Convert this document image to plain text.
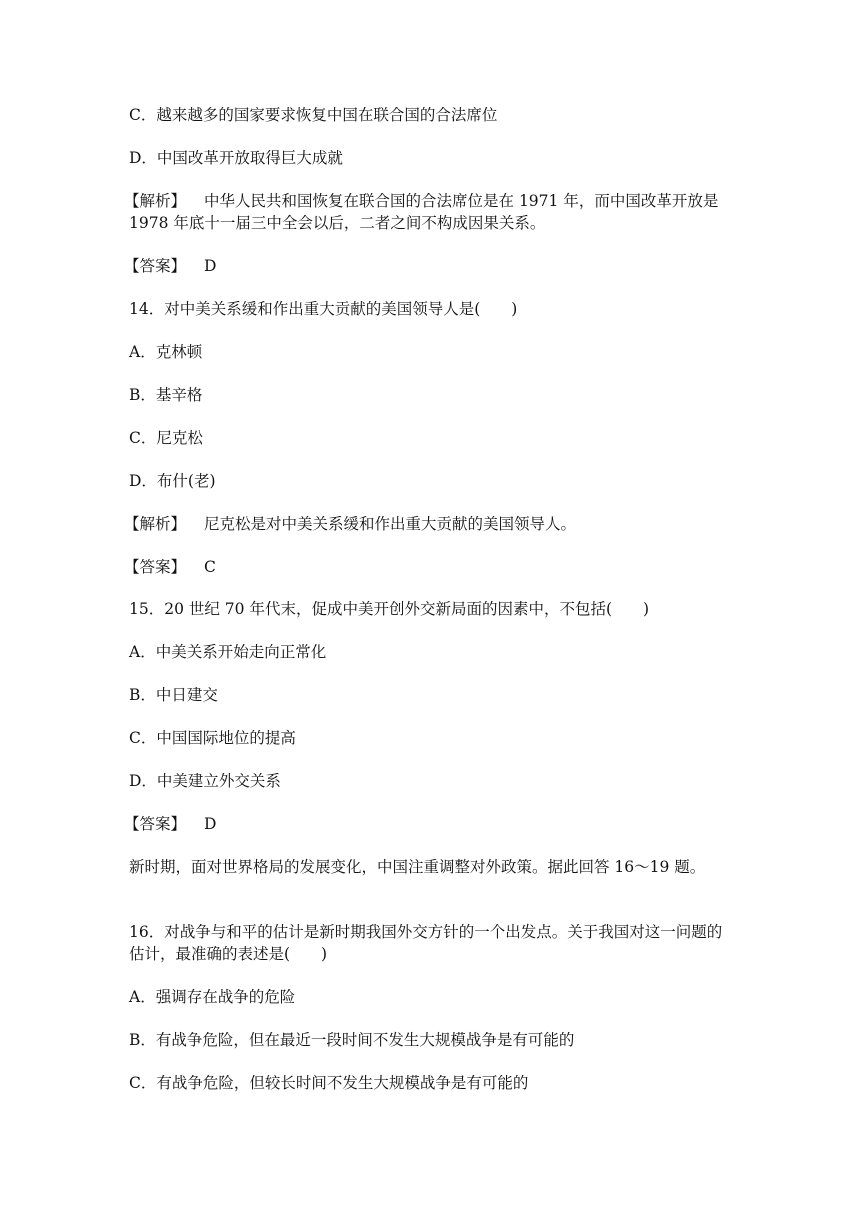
C．越来越多的国家要求恢复中国在联合国的合法席位
D．中国改革开放取得巨大成就
【解析】 中华人民共和国恢复在联合国的合法席位是在 1971 年，而中国改革开放是 1978 年底十一届三中全会以后，二者之间不构成因果关系。
【答案】 D
14．对中美关系缓和作出重大贡献的美国领导人是(　　)
A．克林顿
B．基辛格
C．尼克松
D．布什(老)
【解析】 尼克松是对中美关系缓和作出重大贡献的美国领导人。
【答案】 C
15．20 世纪 70 年代末，促成中美开创外交新局面的因素中，不包括(　　)
A．中美关系开始走向正常化
B．中日建交
C．中国国际地位的提高
D．中美建立外交关系
【答案】 D
新时期，面对世界格局的发展变化，中国注重调整对外政策。据此回答 16～19 题。
16．对战争与和平的估计是新时期我国外交方针的一个出发点。关于我国对这一问题的估计，最准确的表述是(　　)
A．强调存在战争的危险
B．有战争危险，但在最近一段时间不发生大规模战争是有可能的
C．有战争危险，但较长时间不发生大规模战争是有可能的
